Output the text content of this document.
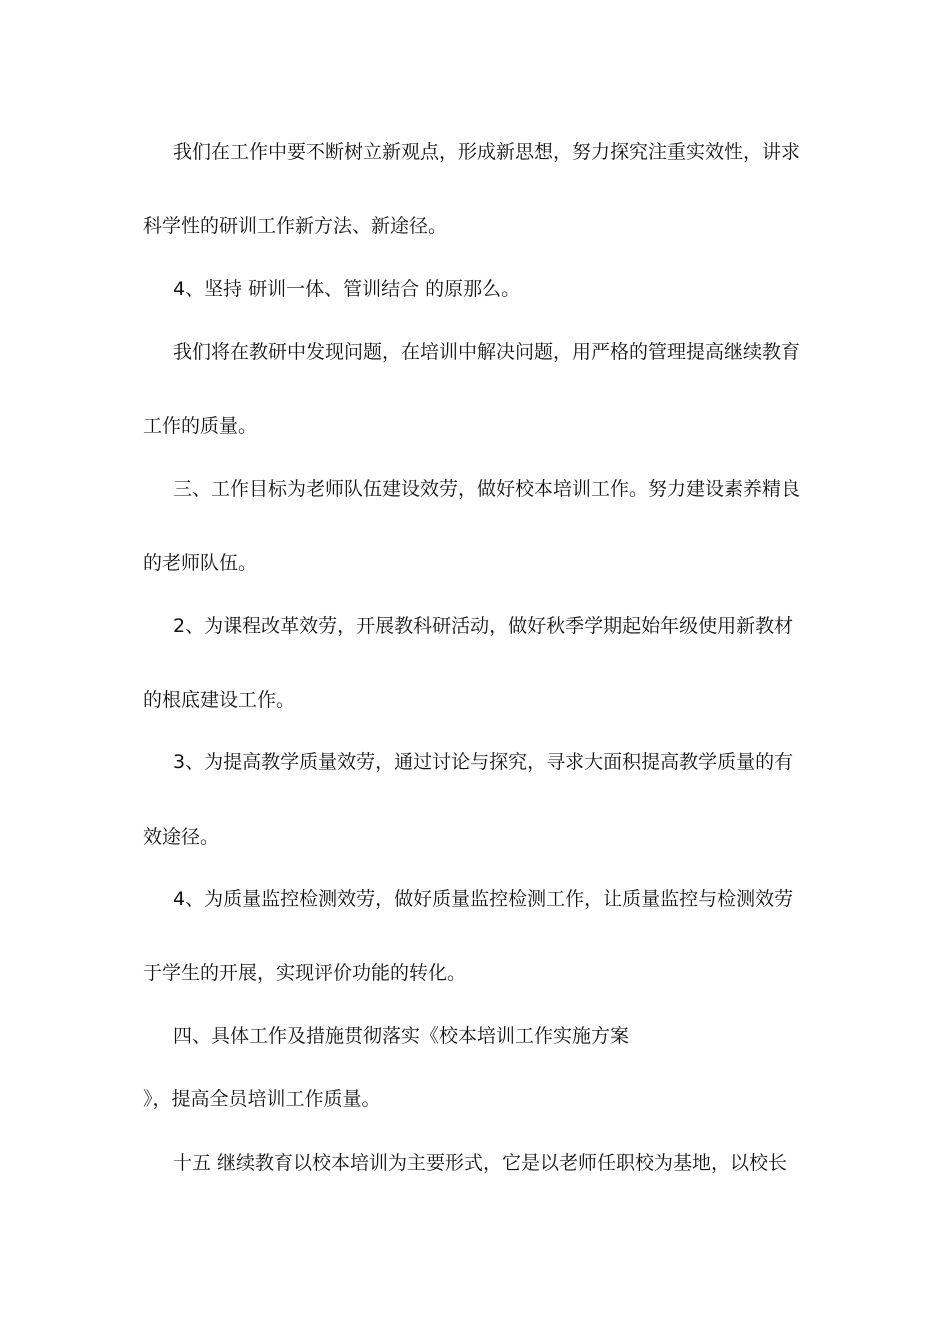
我们在工作中要不断树立新观点，形成新思想，努力探究注重实效性，讲求
科学性的研训工作新方法、新途径。
4、坚持 研训一体、管训结合 的原那么。
我们将在教研中发现问题，在培训中解决问题，用严格的管理提高继续教育
工作的质量。
三、工作目标为老师队伍建设效劳，做好校本培训工作。努力建设素养精良
的老师队伍。
2、为课程改革效劳，开展教科研活动，做好秋季学期起始年级使用新教材
的根底建设工作。
3、为提高教学质量效劳，通过讨论与探究，寻求大面积提高教学质量的有
效途径。
4、为质量监控检测效劳，做好质量监控检测工作，让质量监控与检测效劳
于学生的开展，实现评价功能的转化。
四、具体工作及措施贯彻落实《校本培训工作实施方案
》，提高全员培训工作质量。
十五 继续教育以校本培训为主要形式，它是以老师任职校为基地，以校长
